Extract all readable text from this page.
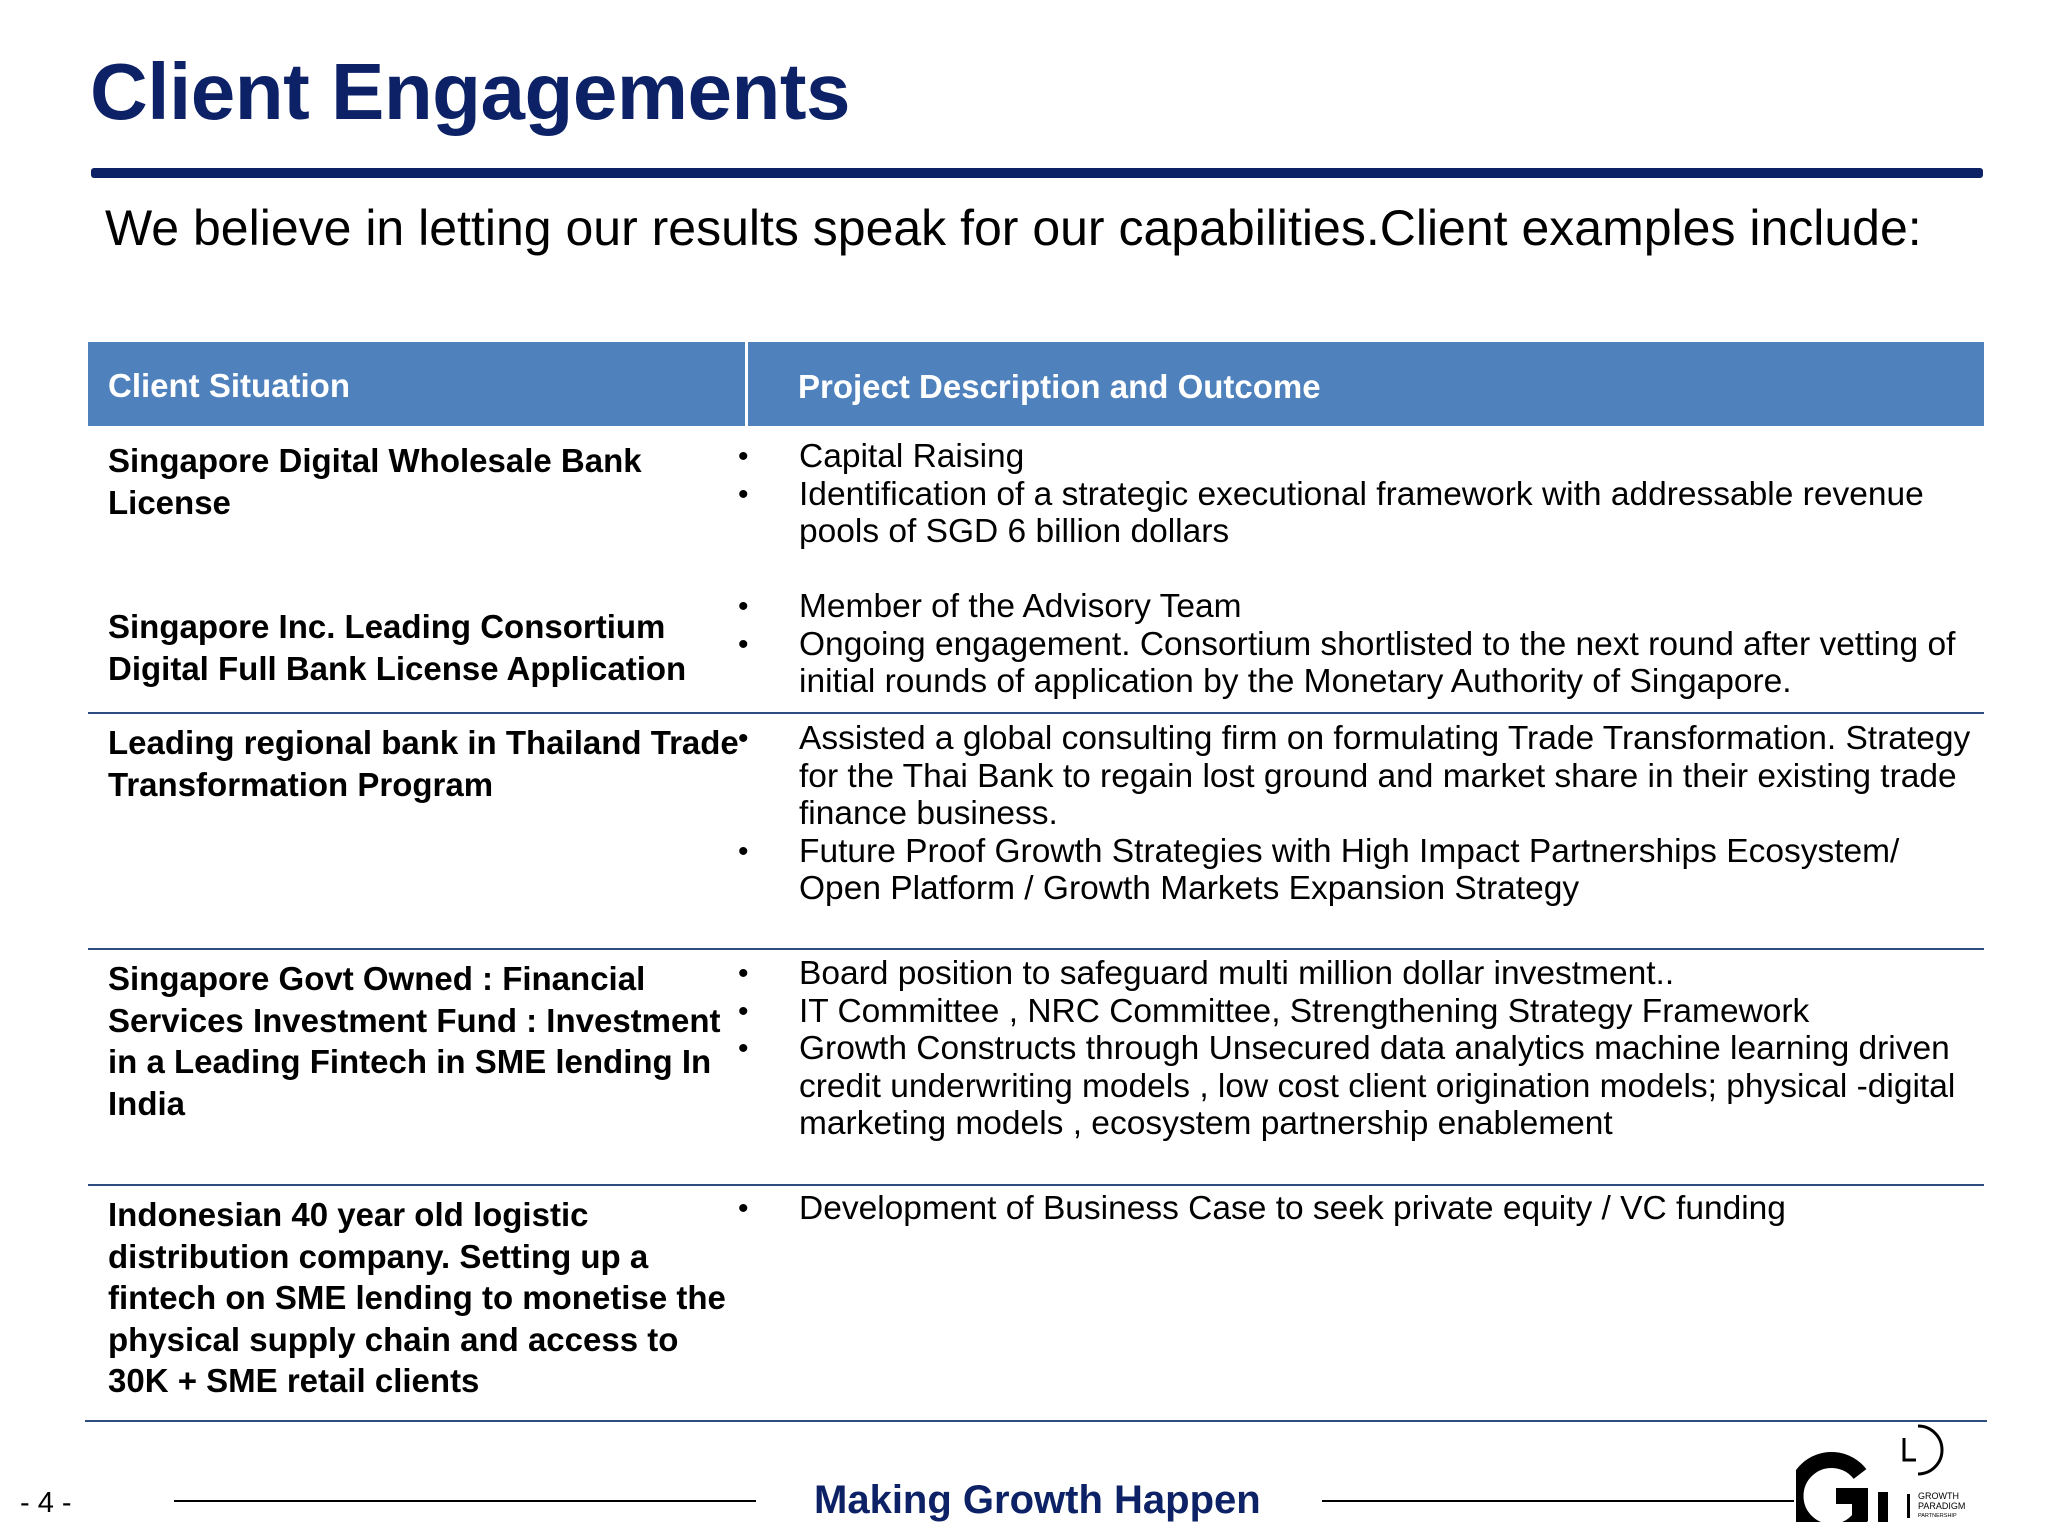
Client Engagements
We believe in letting our results speak for our capabilities.Client examples include:
Client Situation	Project Description and Outcome
Singapore Digital Wholesale Bank License
• Capital Raising
• Identification of a strategic executional framework with addressable revenue pools of SGD 6 billion dollars
Singapore Inc. Leading Consortium Digital Full Bank License Application
• Member of the Advisory Team
• Ongoing engagement. Consortium shortlisted to the next round after vetting of initial rounds of application by the Monetary Authority of Singapore.
Leading regional bank in Thailand Trade Transformation Program
• Assisted a global consulting firm on formulating Trade Transformation. Strategy for the Thai Bank to regain lost ground and market share in their existing trade finance business.
• Future Proof Growth Strategies with High Impact Partnerships Ecosystem/ Open Platform / Growth Markets Expansion Strategy
Singapore Govt Owned : Financial Services Investment Fund : Investment in a Leading Fintech in SME lending In India
• Board position to safeguard multi million dollar investment..
• IT Committee , NRC Committee, Strengthening Strategy Framework
• Growth Constructs through Unsecured data analytics machine learning driven credit underwriting models , low cost client origination models; physical -digital marketing models , ecosystem partnership enablement
Indonesian 40 year old logistic distribution company. Setting up a fintech on SME lending to monetise the physical supply chain and access to 30K + SME retail clients
• Development of Business Case to seek private equity / VC funding
- 4 -	Making Growth Happen	GROWTH
PARADIGM
PARTNERSHIP
